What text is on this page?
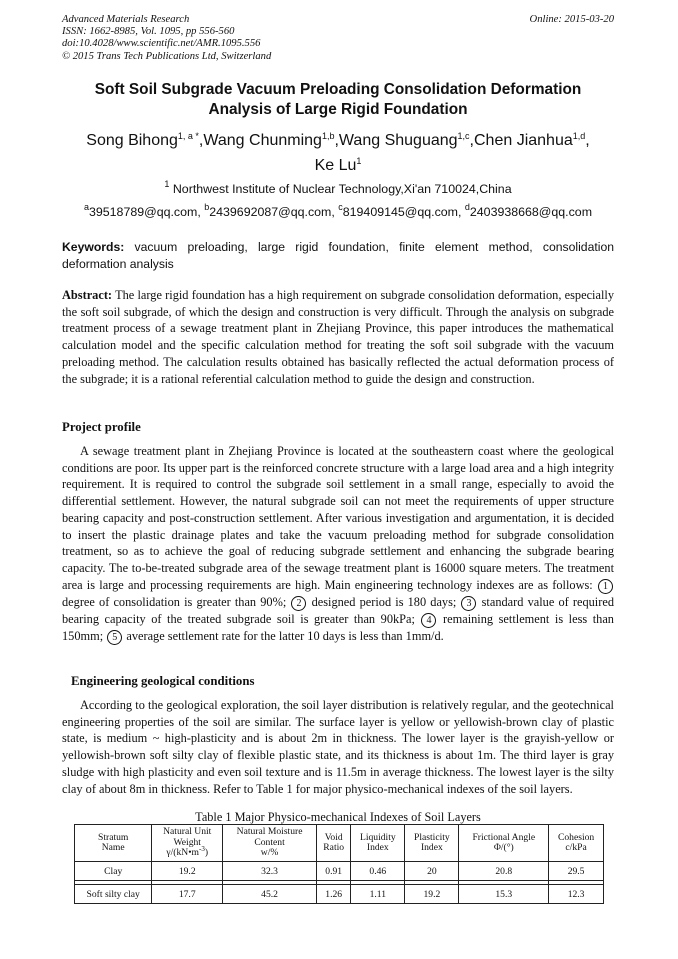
Advanced Materials Research
ISSN: 1662-8985, Vol. 1095, pp 556-560
doi:10.4028/www.scientific.net/AMR.1095.556
© 2015 Trans Tech Publications Ltd, Switzerland
Online: 2015-03-20
Soft Soil Subgrade Vacuum Preloading Consolidation Deformation Analysis of Large Rigid Foundation
Song Bihong$^{1, a *}$,Wang Chunming$^{1,b}$,Wang Shuguang$^{1,c}$,Chen Jianhua$^{1,d}$,
Ke Lu$^1$
$^1$ Northwest Institute of Nuclear Technology,Xi'an 710024,China
$^a$39518789@qq.com, $^b$2439692087@qq.com, $^c$819409145@qq.com, $^d$2403938668@qq.com
Keywords: vacuum preloading, large rigid foundation, finite element method, consolidation deformation analysis

Abstract: The large rigid foundation has a high requirement on subgrade consolidation deformation, especially the soft soil subgrade, of which the design and construction is very difficult. Through the analysis on subgrade treatment process of a sewage treatment plant in Zhejiang Province, this paper introduces the mathematical calculation model and the specific calculation method for treating the soft soil subgrade with the vacuum preloading method. The calculation results obtained has basically reflected the actual deformation process of the subgrade; it is a rational referential calculation method to guide the design and construction.

Project profile

A sewage treatment plant in Zhejiang Province is located at the southeastern coast where the geological conditions are poor. Its upper part is the reinforced concrete structure with a large load area and a high integrity requirement. It is required to control the subgrade soil settlement in a small range, especially to avoid the differential settlement. However, the natural subgrade soil can not meet the requirements of upper structure bearing capacity and post-construction settlement. After various investigation and argumentation, it is decided to insert the plastic drainage plates and take the vacuum preloading method for subgrade consolidation treatment, so as to achieve the goal of reducing subgrade settlement and enhancing the subgrade bearing capacity. The to-be-treated subgrade area of the sewage treatment plant is 16000 square meters. The treatment area is large and processing requirements are high. Main engineering technology indexes are as follows: 1 degree of consolidation is greater than 90%; 2 designed period is 180 days; 3 standard value of required bearing capacity of the treated subgrade soil is greater than 90kPa; 4 remaining settlement is less than 150mm; 5 average settlement rate for the latter 10 days is less than 1mm/d.

Engineering geological conditions

According to the geological exploration, the soil layer distribution is relatively regular, and the geotechnical engineering properties of the soil are similar. The surface layer is yellow or yellowish-brown clay of plastic state, is medium ~ high-plasticity and is about 2m in thickness. The lower layer is the grayish-yellow or yellowish-brown soft silty clay of flexible plastic state, and its thickness is about 1m. The third layer is gray sludge with high plasticity and even soil texture and is 11.5m in average thickness. The lowest layer is the silty clay of about 8m in thickness. Refer to Table 1 for major physico-mechanical indexes of the soil layers.

Table 1 Major Physico-mechanical Indexes of Soil Layers
Stratum
Name	Natural Unit
Weight
$\gamma/(kN•m^{-3})$	Natural Moisture
Content
w/%	Void
Ratio	Liquidity
Index	Plasticity
Index	Frictional Angle
Φ/(°)	Cohesion
c/kPa
Clay	19.2	32.3	0.91	0.46	20	20.8	29.5

Soft silty clay	17.7	45.2	1.26	1.11	19.2	15.3	12.3
